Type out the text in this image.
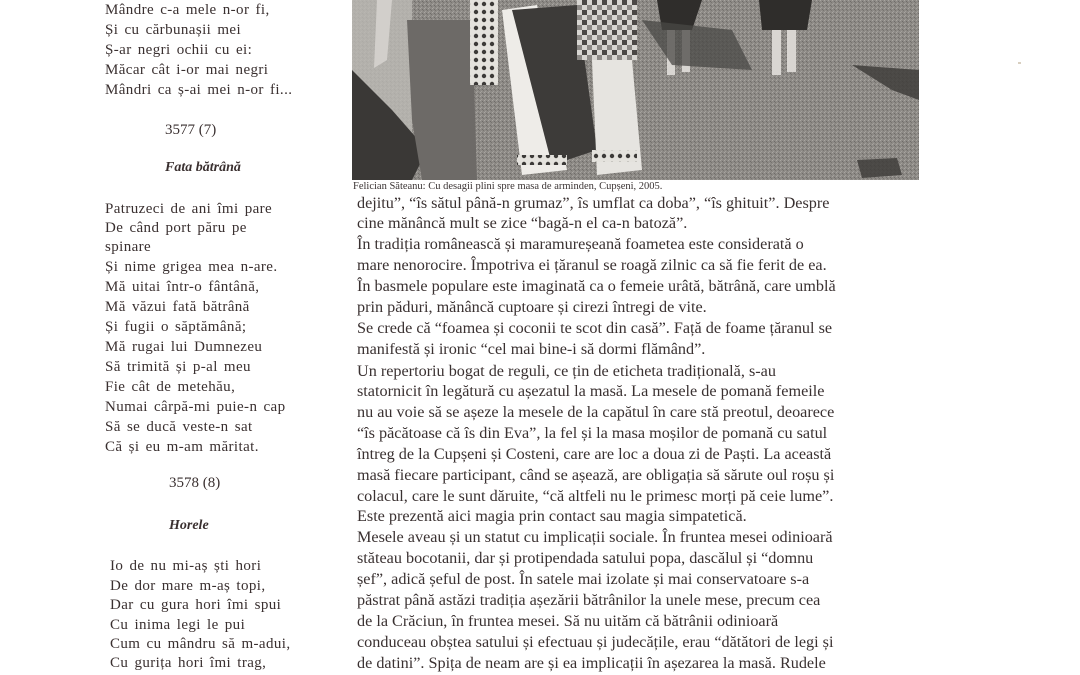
Mândre c-a mele n-or fi,
Și cu cărbunașii mei
Ș-ar negri ochii cu ei:
Măcar cât i-or mai negri
Mândri ca ș-ai mei n-or fi...
3577 (7)
Fata bătrână
Patruzeci de ani îmi pare
De când port păru pe
spinare
Și nime grigea mea n-are.
Mă uitai într-o fântână,
Mă văzui fată bătrână
Și fugii o săptămână;
Mă rugai lui Dumnezeu
Să trimită și p-al meu
Fie cât de metehău,
Numai cârpă-mi puie-n cap
Să se ducă veste-n sat
Că și eu m-am măritat.
3578 (8)
Horele
Io de nu mi-aș ști hori
De dor mare m-aș topi,
Dar cu gura hori îmi spui
Cu inima legi le pui
Cum cu mândru să m-adui,
Cu gurița hori îmi trag,
Felician Săteanu: Cu desagii plini spre masa de arminden, Cupșeni, 2005.
dejitu”, “îs sătul până-n grumaz”, îs umflat ca doba”, “îs ghituit”. Despre
cine mănâncă mult se zice “bagă-n el ca-n batoză”.
În tradiția românească și maramureșeană foametea este considerată o
mare nenorocire. Împotriva ei țăranul se roagă zilnic ca să fie ferit de ea.
În basmele populare este imaginată ca o femeie urâtă, bătrână, care umblă
prin păduri, mănâncă cuptoare și cirezi întregi de vite.
Se crede că “foamea și coconii te scot din casă”. Față de foame țăranul se
manifestă și ironic “cel mai bine-i să dormi flămând”.
Un repertoriu bogat de reguli, ce țin de eticheta tradițională, s-au
statornicit în legătură cu așezatul la masă. La mesele de pomană femeile
nu au voie să se așeze la mesele de la capătul în care stă preotul, deoarece
“îs păcătoase că îs din Eva”, la fel și la masa moșilor de pomană cu satul
întreg de la Cupșeni și Costeni, care are loc a doua zi de Paști. La această
masă fiecare participant, când se așează, are obligația să sărute oul roșu și
colacul, care le sunt dăruite, “că altfeli nu le primesc morți pă ceie lume”.
Este prezentă aici magia prin contact sau magia simpatetică.
Mesele aveau și un statut cu implicații sociale. În fruntea mesei odinioară
stăteau bocotanii, dar și protipendada satului popa, dascălul și “domnu
șef”, adică șeful de post. În satele mai izolate și mai conservatoare s-a
păstrat până astăzi tradiția așezării bătrânilor la unele mese, precum cea
de la Crăciun, în fruntea mesei. Să nu uităm că bătrânii odinioară
conduceau obștea satului și efectuau și judecățile, erau “dătători de legi și
de datini”. Spița de neam are și ea implicații în așezarea la masă. Rudele
